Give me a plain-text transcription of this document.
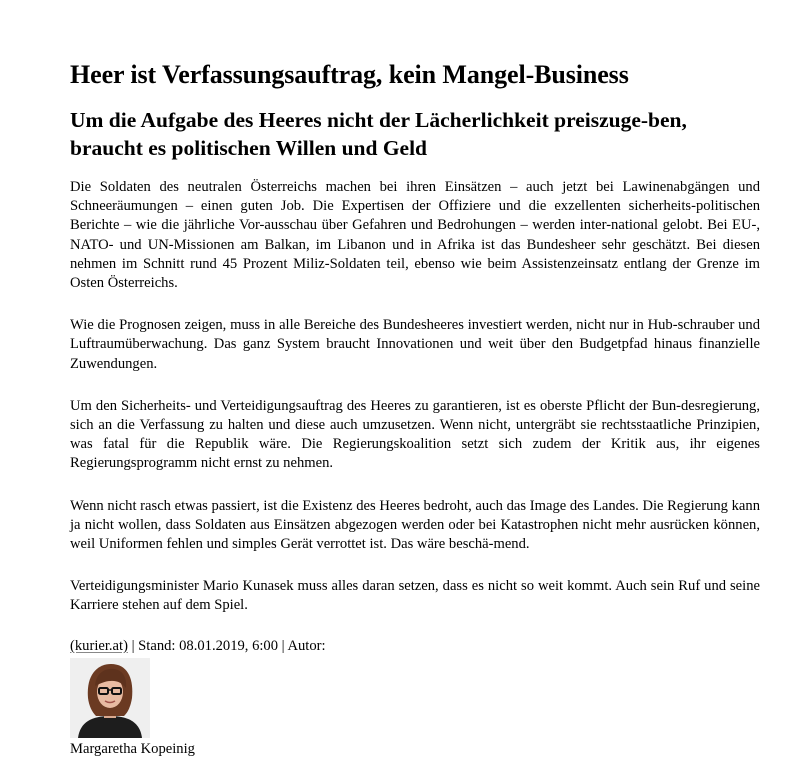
Heer ist Verfassungsauftrag, kein Mangel-Business
Um die Aufgabe des Heeres nicht der Lächerlichkeit preiszuge-ben, braucht es politischen Willen und Geld

Die Soldaten des neutralen Österreichs machen bei ihren Einsätzen – auch jetzt bei Lawinenabgängen und Schneeräumungen – einen guten Job. Die Expertisen der Offiziere und die exzellenten sicherheits-politischen Berichte – wie die jährliche Vor-ausschau über Gefahren und Bedrohungen – werden inter-national gelobt. Bei EU-, NATO- und UN-Missionen am Balkan, im Libanon und in Afrika ist das Bundesheer sehr geschätzt. Bei diesen nehmen im Schnitt rund 45 Prozent Miliz-Soldaten teil, ebenso wie beim Assistenzeinsatz entlang der Grenze im Osten Österreichs.

Wie die Prognosen zeigen, muss in alle Bereiche des Bundesheeres investiert werden, nicht nur in Hub-schrauber und Luftraumüberwachung. Das ganz System braucht Innovationen und weit über den Budgetpfad hinaus finanzielle Zuwendungen.

Um den Sicherheits- und Verteidigungsauftrag des Heeres zu garantieren, ist es oberste Pflicht der Bun-desregierung, sich an die Verfassung zu halten und diese auch umzusetzen. Wenn nicht, untergräbt sie rechtsstaatliche Prinzipien, was fatal für die Republik wäre. Die Regierungskoalition setzt sich zudem der Kritik aus, ihr eigenes Regierungsprogramm nicht ernst zu nehmen.

Wenn nicht rasch etwas passiert, ist die Existenz des Heeres bedroht, auch das Image des Landes. Die Regierung kann ja nicht wollen, dass Soldaten aus Einsätzen abgezogen werden oder bei Katastrophen nicht mehr ausrücken können, weil Uniformen fehlen und simples Gerät verrottet ist. Das wäre beschä-mend.

Verteidigungsminister Mario Kunasek muss alles daran setzen, dass es nicht so weit kommt. Auch sein Ruf und seine Karriere stehen auf dem Spiel.

(kurier.at) | Stand: 08.01.2019, 6:00 | Autor:
Margaretha Kopeinig
